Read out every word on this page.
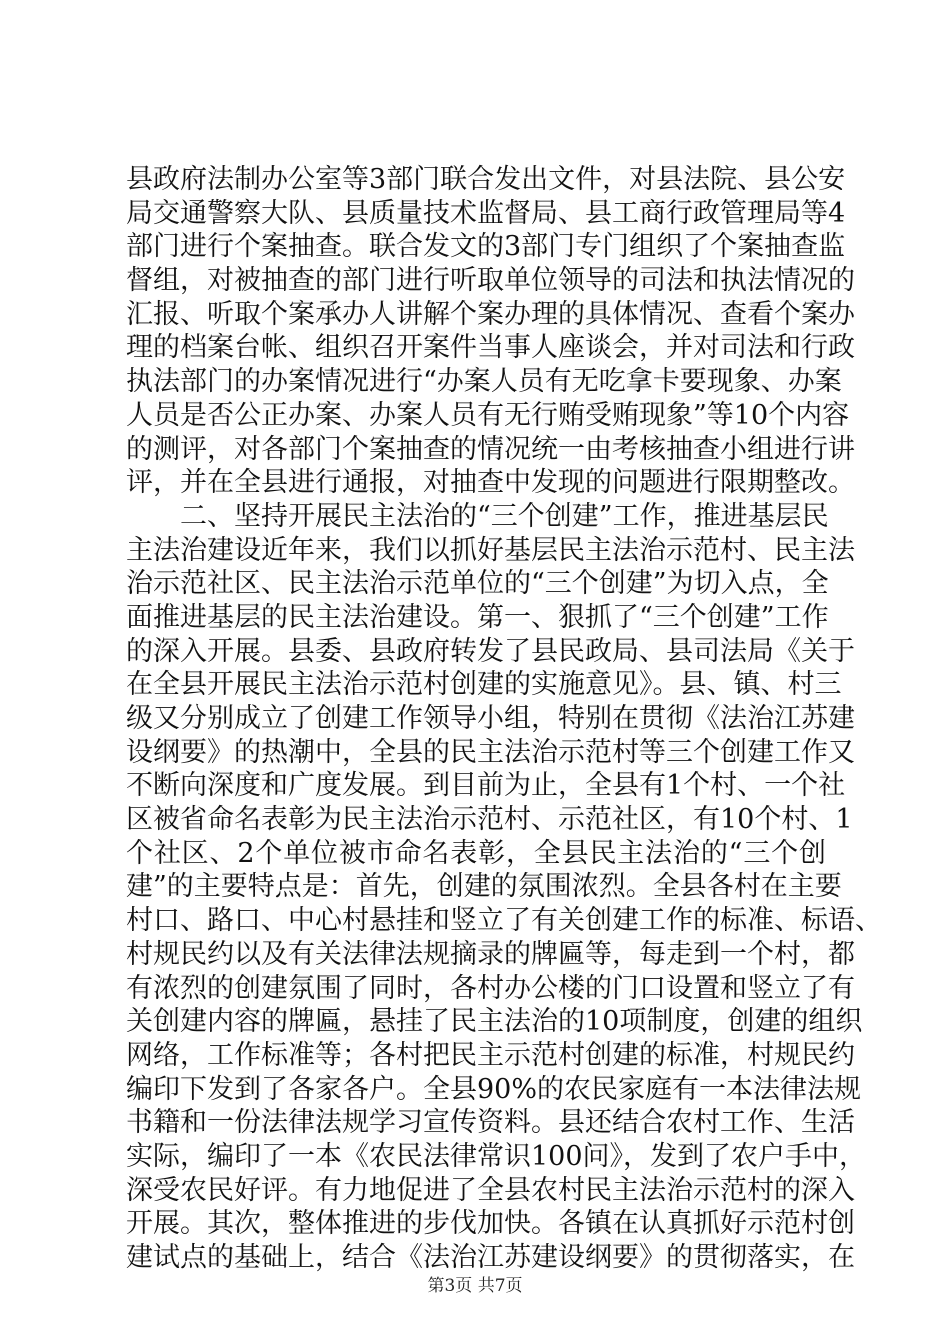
县政府法制办公室等3部门联合发出文件，对县法院、县公安
局交通警察大队、县质量技术监督局、县工商行政管理局等4
部门进行个案抽查。联合发文的3部门专门组织了个案抽查监
督组，对被抽查的部门进行听取单位领导的司法和执法情况的
汇报、听取个案承办人讲解个案办理的具体情况、查看个案办
理的档案台帐、组织召开案件当事人座谈会，并对司法和行政
执法部门的办案情况进行“办案人员有无吃拿卡要现象、办案
人员是否公正办案、办案人员有无行贿受贿现象”等10个内容
的测评，对各部门个案抽查的情况统一由考核抽查小组进行讲
评，并在全县进行通报，对抽查中发现的问题进行限期整改。
二、坚持开展民主法治的“三个创建”工作，推进基层民
主法治建设近年来，我们以抓好基层民主法治示范村、民主法
治示范社区、民主法治示范单位的“三个创建”为切入点，全
面推进基层的民主法治建设。第一、狠抓了“三个创建”工作
的深入开展。县委、县政府转发了县民政局、县司法局《关于
在全县开展民主法治示范村创建的实施意见》。县、镇、村三
级又分别成立了创建工作领导小组，特别在贯彻《法治江苏建
设纲要》的热潮中，全县的民主法治示范村等三个创建工作又
不断向深度和广度发展。到目前为止，全县有1个村、一个社
区被省命名表彰为民主法治示范村、示范社区，有10个村、1
个社区、2个单位被市命名表彰，全县民主法治的“三个创
建”的主要特点是：首先，创建的氛围浓烈。全县各村在主要
村口、路口、中心村悬挂和竖立了有关创建工作的标准、标语、
村规民约以及有关法律法规摘录的牌匾等，每走到一个村，都
有浓烈的创建氛围了同时，各村办公楼的门口设置和竖立了有
关创建内容的牌匾，悬挂了民主法治的10项制度，创建的组织
网络，工作标准等；各村把民主示范村创建的标准，村规民约
编印下发到了各家各户。全县90%的农民家庭有一本法律法规
书籍和一份法律法规学习宣传资料。县还结合农村工作、生活
实际，编印了一本《农民法律常识100问》，发到了农户手中，
深受农民好评。有力地促进了全县农村民主法治示范村的深入
开展。其次，整体推进的步伐加快。各镇在认真抓好示范村创
建试点的基础上，结合《法治江苏建设纲要》的贯彻落实，在
第3页 共7页
